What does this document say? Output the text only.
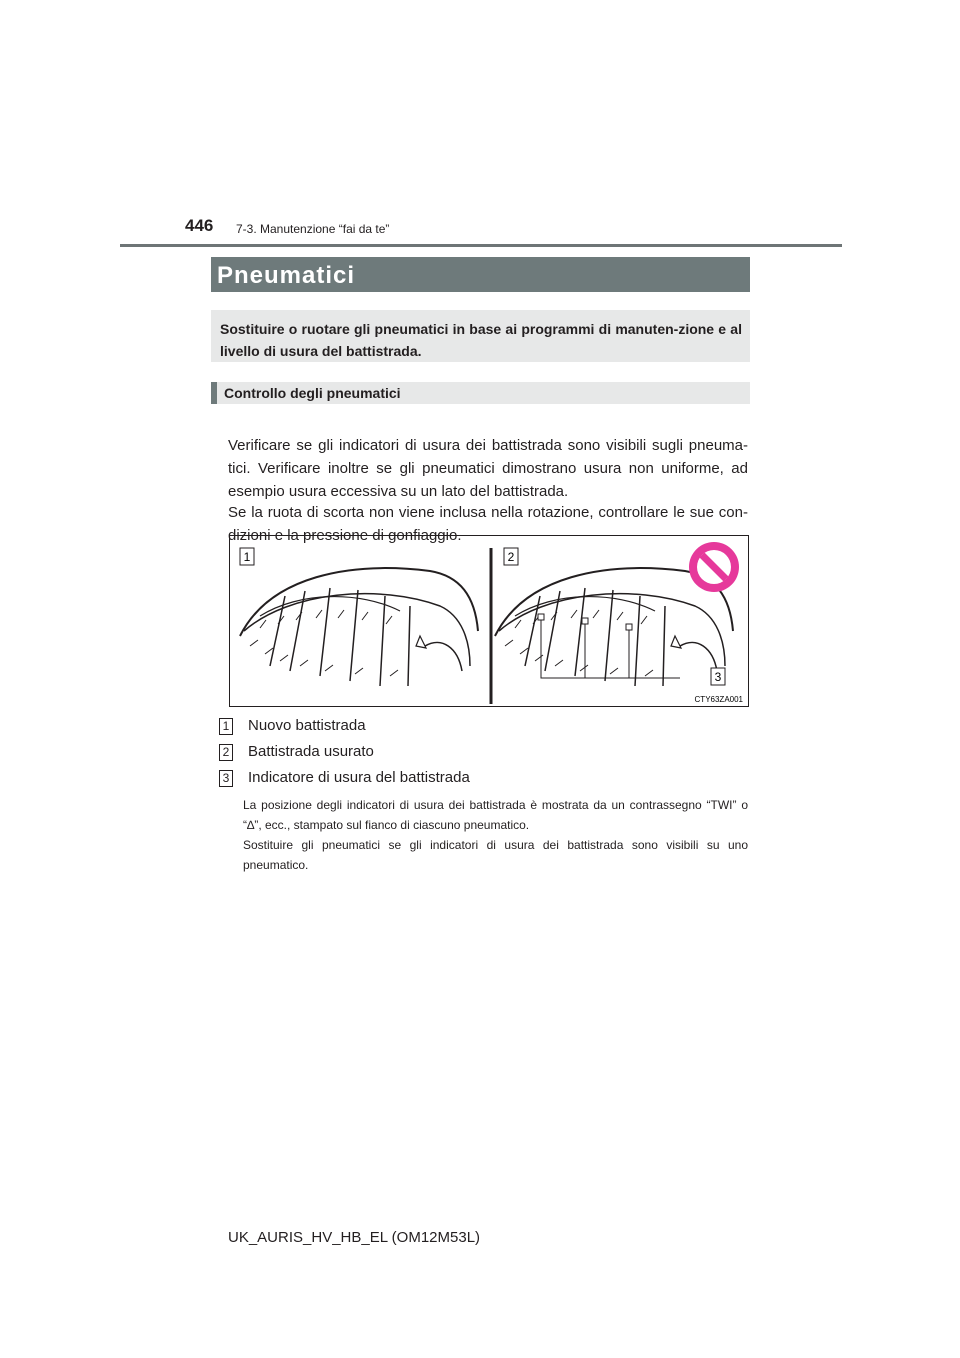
446 7-3. Manutenzione “fai da te”
Pneumatici
Sostituire o ruotare gli pneumatici in base ai programmi di manuten-zione e al livello di usura del battistrada.
Controllo degli pneumatici
Verificare se gli indicatori di usura dei battistrada sono visibili sugli pneuma-tici. Verificare inoltre se gli pneumatici dimostrano usura non uniforme, ad esempio usura eccessiva su un lato del battistrada.
Se la ruota di scorta non viene inclusa nella rotazione, controllare le sue con-dizioni e la pressione di gonfiaggio.
1	2
3
CTY63ZA001
1 Nuovo battistrada
2 Battistrada usurato
3 Indicatore di usura del battistrada
La posizione degli indicatori di usura dei battistrada è mostrata da un contrassegno “TWI” o “∆”, ecc., stampato sul fianco di ciascuno pneumatico.
Sostituire gli pneumatici se gli indicatori di usura dei battistrada sono visibili su uno pneumatico.
UK_AURIS_HV_HB_EL (OM12M53L)
